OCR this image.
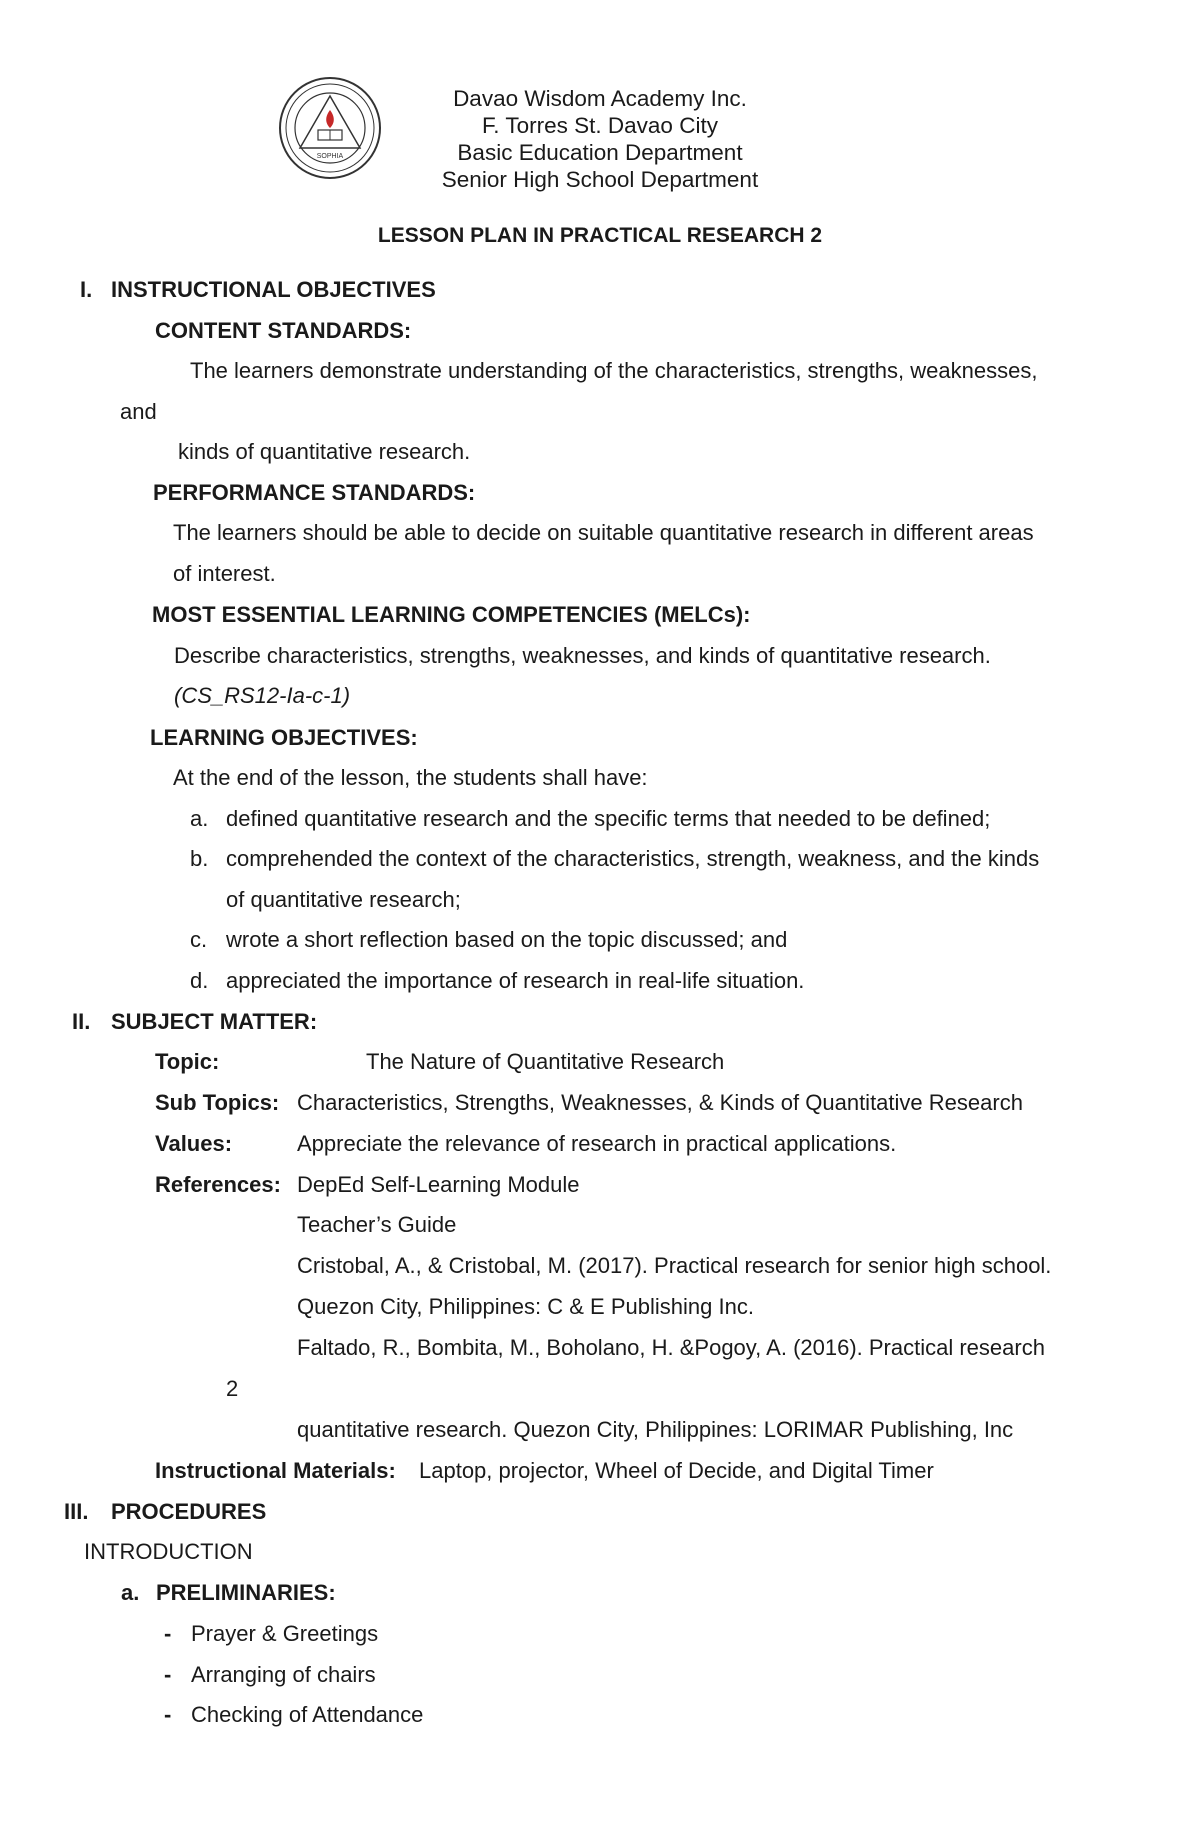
SOPHIA
Davao Wisdom Academy Inc.
F. Torres St. Davao City
Basic Education Department
Senior High School Department
LESSON PLAN IN PRACTICAL RESEARCH 2
I. INSTRUCTIONAL OBJECTIVES
CONTENT STANDARDS:
The learners demonstrate understanding of the characteristics, strengths, weaknesses,
and
kinds of quantitative research.
PERFORMANCE STANDARDS:
The learners should be able to decide on suitable quantitative research in different areas
of interest.
MOST ESSENTIAL LEARNING COMPETENCIES (MELCs):
Describe characteristics, strengths, weaknesses, and kinds of quantitative research.
(CS_RS12-Ia-c-1)
LEARNING OBJECTIVES:
At the end of the lesson, the students shall have:
a. defined quantitative research and the specific terms that needed to be defined;
b. comprehended the context of the characteristics, strength, weakness, and the kinds
of quantitative research;
c. wrote a short reflection based on the topic discussed; and
d. appreciated the importance of research in real-life situation.
II. SUBJECT MATTER:
Topic:	The Nature of Quantitative Research
Sub Topics: Characteristics, Strengths, Weaknesses, & Kinds of Quantitative Research
Values:	Appreciate the relevance of research in practical applications.
References: DepEd Self-Learning Module
Teacher’s Guide
Cristobal, A., & Cristobal, M. (2017). Practical research for senior high school.
Quezon City, Philippines: C & E Publishing Inc.
Faltado, R., Bombita, M., Boholano, H. &Pogoy, A. (2016). Practical research
2
quantitative research. Quezon City, Philippines: LORIMAR Publishing, Inc
Instructional Materials: Laptop, projector, Wheel of Decide, and Digital Timer
III. PROCEDURES
INTRODUCTION
a. PRELIMINARIES:
- Prayer & Greetings
- Arranging of chairs
- Checking of Attendance
